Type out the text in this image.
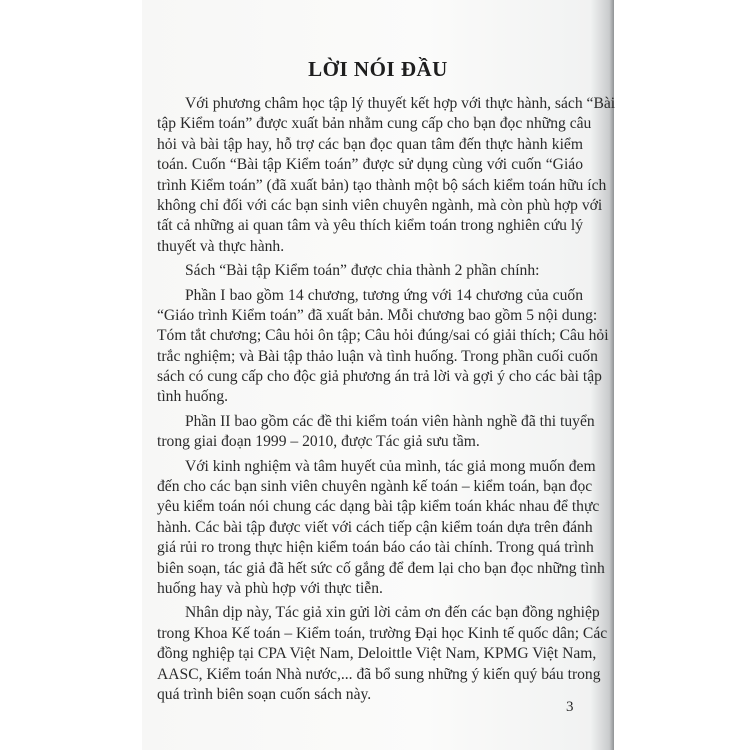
LỜI NÓI ĐẦU
Với phương châm học tập lý thuyết kết hợp với thực hành, sách “Bài
tập Kiểm toán” được xuất bản nhằm cung cấp cho bạn đọc những câu
hỏi và bài tập hay, hỗ trợ các bạn đọc quan tâm đến thực hành kiểm
toán. Cuốn “Bài tập Kiểm toán” được sử dụng cùng với cuốn “Giáo
trình Kiểm toán” (đã xuất bản) tạo thành một bộ sách kiểm toán hữu ích
không chỉ đối với các bạn sinh viên chuyên ngành, mà còn phù hợp với
tất cả những ai quan tâm và yêu thích kiểm toán trong nghiên cứu lý
thuyết và thực hành.
Sách “Bài tập Kiểm toán” được chia thành 2 phần chính:
Phần I bao gồm 14 chương, tương ứng với 14 chương của cuốn
“Giáo trình Kiểm toán” đã xuất bản. Mỗi chương bao gồm 5 nội dung:
Tóm tắt chương; Câu hỏi ôn tập; Câu hỏi đúng/sai có giải thích; Câu hỏi
trắc nghiệm; và Bài tập thảo luận và tình huống. Trong phần cuối cuốn
sách có cung cấp cho độc giả phương án trả lời và gợi ý cho các bài tập
tình huống.
Phần II bao gồm các đề thi kiểm toán viên hành nghề đã thi tuyển
trong giai đoạn 1999 – 2010, được Tác giả sưu tầm.
Với kinh nghiệm và tâm huyết của mình, tác giả mong muốn đem
đến cho các bạn sinh viên chuyên ngành kế toán – kiểm toán, bạn đọc
yêu kiểm toán nói chung các dạng bài tập kiểm toán khác nhau để thực
hành. Các bài tập được viết với cách tiếp cận kiểm toán dựa trên đánh
giá rủi ro trong thực hiện kiểm toán báo cáo tài chính. Trong quá trình
biên soạn, tác giả đã hết sức cố gắng để đem lại cho bạn đọc những tình
huống hay và phù hợp với thực tiễn.
Nhân dịp này, Tác giả xin gửi lời cảm ơn đến các bạn đồng nghiệp
trong Khoa Kế toán – Kiểm toán, trường Đại học Kinh tế quốc dân; Các
đồng nghiệp tại CPA Việt Nam, Deloittle Việt Nam, KPMG Việt Nam,
AASC, Kiểm toán Nhà nước,... đã bổ sung những ý kiến quý báu trong
quá trình biên soạn cuốn sách này.
3
